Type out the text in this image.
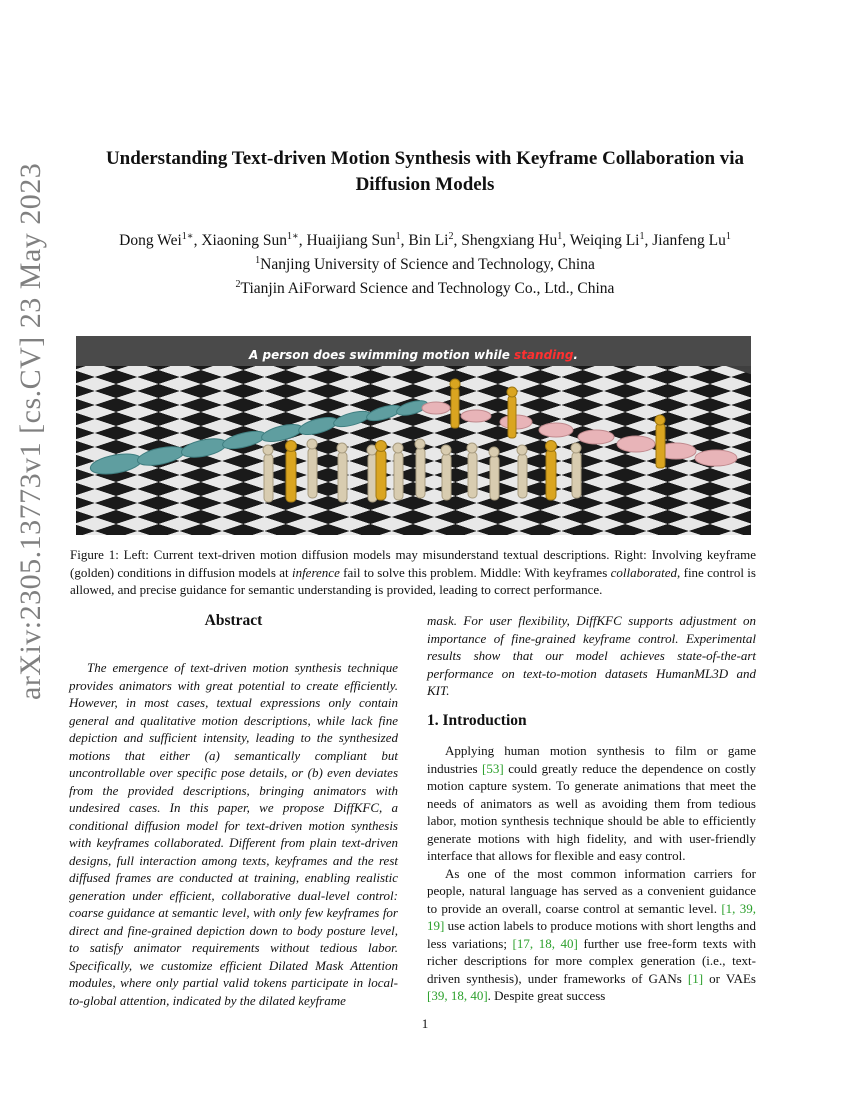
arXiv:2305.13773v1 [cs.CV] 23 May 2023
Understanding Text-driven Motion Synthesis with Keyframe Collaboration via
Diffusion Models
Dong Wei$^{1∗}$, Xiaoning Sun$^{1∗}$, Huaijiang Sun$^1$, Bin Li$^2$, Shengxiang Hu$^1$, Weiqing Li$^1$, Jianfeng Lu$^1$
$^1$Nanjing University of Science and Technology, China
$^2$Tianjin AiForward Science and Technology Co., Ltd., China
A person does swimming motion while standing.
Figure 1: Left: Current text-driven motion diffusion models may misunderstand textual descriptions. Right: Involving keyframe (golden) conditions in diffusion models at inference fail to solve this problem. Middle: With keyframes collaborated, fine control is allowed, and precise guidance for semantic understanding is provided, leading to correct performance.
Abstract
The emergence of text-driven motion synthesis technique provides animators with great potential to create efficiently. However, in most cases, textual expressions only contain general and qualitative motion descriptions, while lack fine depiction and sufficient intensity, leading to the synthesized motions that either (a) semantically compliant but uncontrollable over specific pose details, or (b) even deviates from the provided descriptions, bringing animators with undesired cases. In this paper, we propose DiffKFC, a conditional diffusion model for text-driven motion synthesis with keyframes collaborated. Different from plain text-driven designs, full interaction among texts, keyframes and the rest diffused frames are conducted at training, enabling realistic generation under efficient, collaborative dual-level control: coarse guidance at semantic level, with only few keyframes for direct and fine-grained depiction down to body posture level, to satisfy animator requirements without tedious labor. Specifically, we customize efficient Dilated Mask Attention modules, where only partial valid tokens participate in local-to-global attention, indicated by the dilated keyframe
mask. For user flexibility, DiffKFC supports adjustment on importance of fine-grained keyframe control. Experimental results show that our model achieves state-of-the-art performance on text-to-motion datasets HumanML3D and KIT.
1. Introduction

Applying human motion synthesis to film or game industries [53] could greatly reduce the dependence on costly motion capture system. To generate animations that meet the needs of animators as well as avoiding them from tedious labor, motion synthesis technique should be able to efficiently generate motions with high fidelity, and with user-friendly interface that allows for flexible and easy control.

As one of the most common information carriers for people, natural language has served as a convenient guidance to provide an overall, coarse control at semantic level. [1, 39, 19] use action labels to produce motions with short lengths and less variations; [17, 18, 40] further use free-form texts with richer descriptions for more complex generation (i.e., text-driven synthesis), under frameworks of GANs [1] or VAEs [39, 18, 40]. Despite great success

1
